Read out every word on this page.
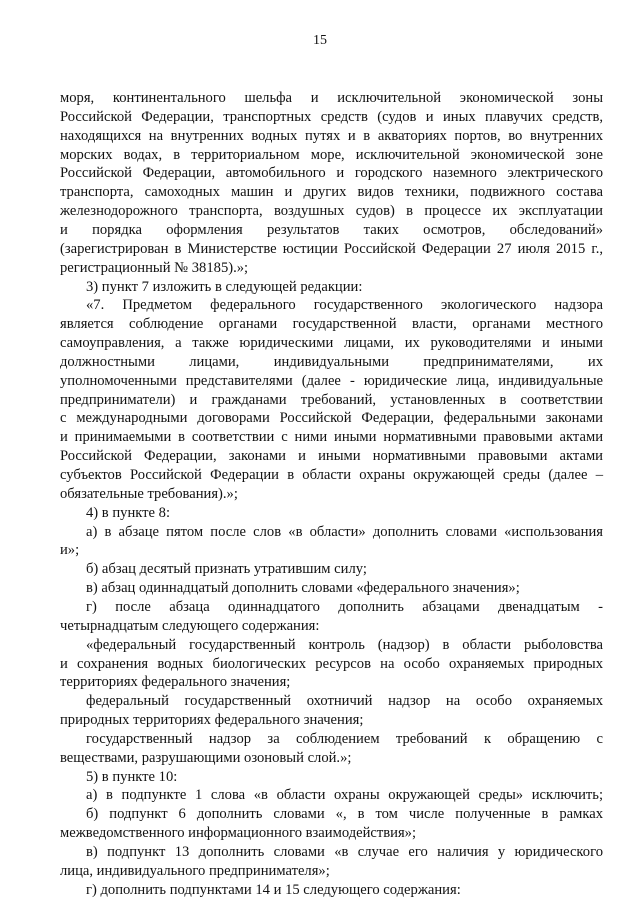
15
моря, континентального шельфа и исключительной экономической зоны
Российской Федерации, транспортных средств (судов и иных плавучих средств,
находящихся на внутренних водных путях и в акваториях портов, во внутренних
морских водах, в территориальном море, исключительной экономической зоне
Российской Федерации, автомобильного и городского наземного электрического
транспорта, самоходных машин и других видов техники, подвижного состава
железнодорожного транспорта, воздушных судов) в процессе их эксплуатации
и порядка оформления результатов таких осмотров, обследований»
(зарегистрирован в Министерстве юстиции Российской Федерации 27 июля 2015 г.,
регистрационный № 38185).»;
3) пункт 7 изложить в следующей редакции:
«7. Предметом федерального государственного экологического надзора
является соблюдение органами государственной власти, органами местного
самоуправления, а также юридическими лицами, их руководителями и иными
должностными лицами, индивидуальными предпринимателями, их
уполномоченными представителями (далее - юридические лица, индивидуальные
предприниматели) и гражданами требований, установленных в соответствии
с международными договорами Российской Федерации, федеральными законами
и принимаемыми в соответствии с ними иными нормативными правовыми актами
Российской Федерации, законами и иными нормативными правовыми актами
субъектов Российской Федерации в области охраны окружающей среды (далее –
обязательные требования).»;
4) в пункте 8:
а) в абзаце пятом после слов «в области» дополнить словами «использования
и»;
б) абзац десятый признать утратившим силу;
в) абзац одиннадцатый дополнить словами «федерального значения»;
г) после абзаца одиннадцатого дополнить абзацами двенадцатым -
четырнадцатым следующего содержания:
«федеральный государственный контроль (надзор) в области рыболовства
и сохранения водных биологических ресурсов на особо охраняемых природных
территориях федерального значения;
федеральный государственный охотничий надзор на особо охраняемых
природных территориях федерального значения;
государственный надзор за соблюдением требований к обращению с
веществами, разрушающими озоновый слой.»;
5) в пункте 10:
а) в подпункте 1 слова «в области охраны окружающей среды» исключить;
б) подпункт 6 дополнить словами «, в том числе полученные в рамках
межведомственного информационного взаимодействия»;
в) подпункт 13 дополнить словами «в случае его наличия у юридического
лица, индивидуального предпринимателя»;
г) дополнить подпунктами 14 и 15 следующего содержания:
